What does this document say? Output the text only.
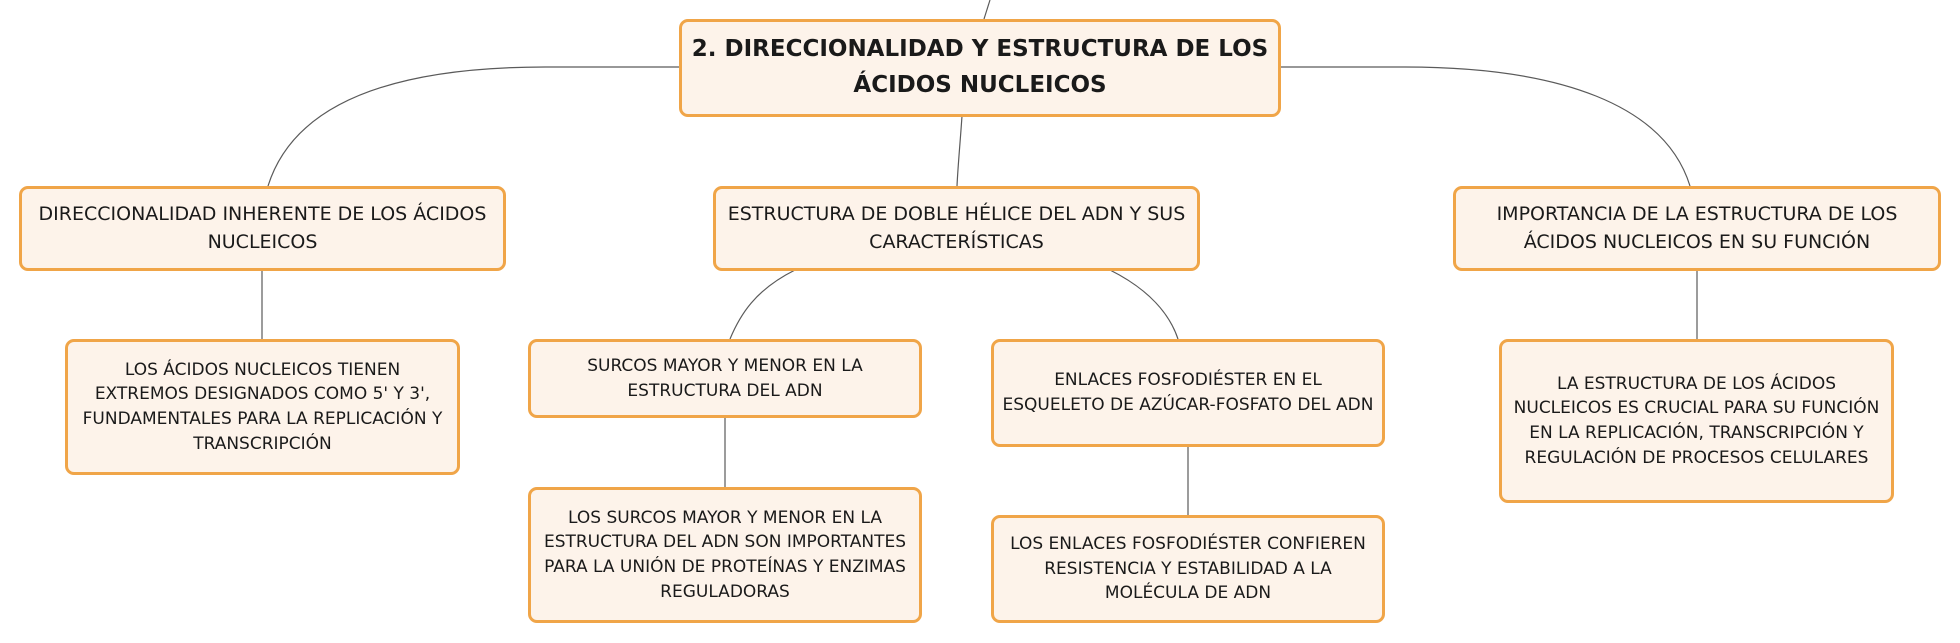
2. DIRECCIONALIDAD Y ESTRUCTURA DE LOS ÁCIDOS NUCLEICOS
DIRECCIONALIDAD INHERENTE DE LOS ÁCIDOS NUCLEICOS
ESTRUCTURA DE DOBLE HÉLICE DEL ADN Y SUS CARACTERÍSTICAS
IMPORTANCIA DE LA ESTRUCTURA DE LOS ÁCIDOS NUCLEICOS EN SU FUNCIÓN
LOS ÁCIDOS NUCLEICOS TIENEN EXTREMOS DESIGNADOS COMO 5' Y 3', FUNDAMENTALES PARA LA REPLICACIÓN Y TRANSCRIPCIÓN
SURCOS MAYOR Y MENOR EN LA ESTRUCTURA DEL ADN
ENLACES FOSFODIÉSTER EN EL ESQUELETO DE AZÚCAR-FOSFATO DEL ADN
LA ESTRUCTURA DE LOS ÁCIDOS NUCLEICOS ES CRUCIAL PARA SU FUNCIÓN EN LA REPLICACIÓN, TRANSCRIPCIÓN Y REGULACIÓN DE PROCESOS CELULARES
LOS SURCOS MAYOR Y MENOR EN LA ESTRUCTURA DEL ADN SON IMPORTANTES PARA LA UNIÓN DE PROTEÍNAS Y ENZIMAS REGULADORAS
LOS ENLACES FOSFODIÉSTER CONFIEREN RESISTENCIA Y ESTABILIDAD A LA MOLÉCULA DE ADN
